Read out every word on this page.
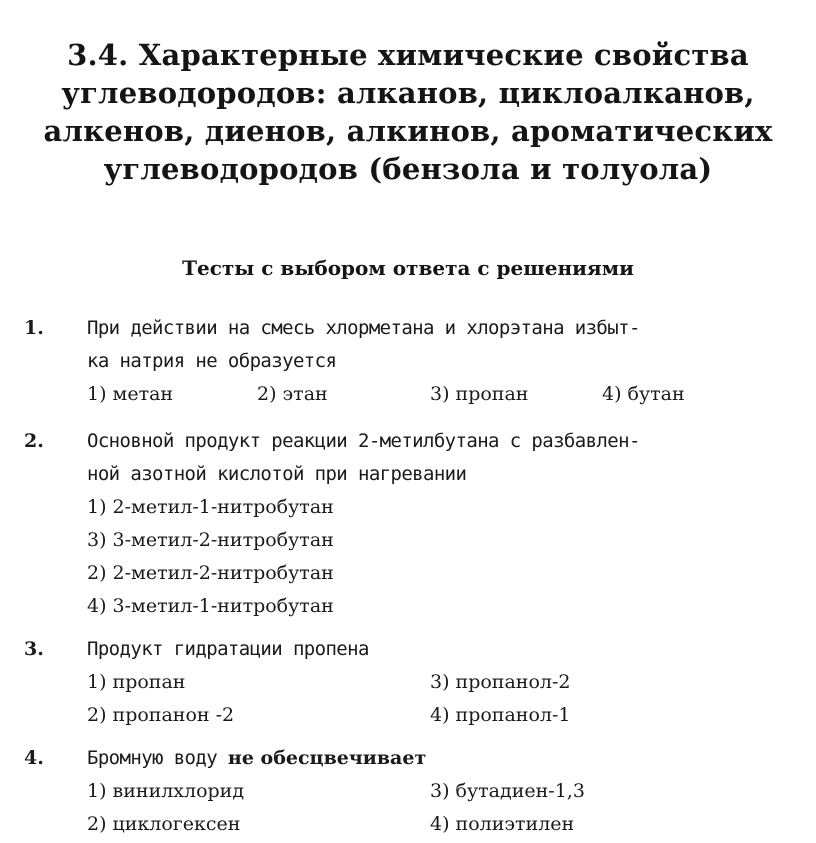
3.4. Характерные химические свойства
углеводородов: алканов, циклоалканов,
алкенов, диенов, алкинов, ароматических
углеводородов (бензола и толуола)
Тесты с выбором ответа с решениями
1. При действии на смесь хлорметана и хлорэтана избыт-
ка натрия не образуется
1) метан	2) этан	3) пропан	4) бутан
2. Основной продукт реакции 2-метилбутана с разбавлен-
ной азотной кислотой при нагревании
1) 2-метил-1-нитробутан
3) 3-метил-2-нитробутан
2) 2-метил-2-нитробутан
4) 3-метил-1-нитробутан
3. Продукт гидратации пропена
1) пропан	3) пропанол-2
2) пропанон -2	4) пропанол-1
4. Бромную воду не обесцвечивает
1) винилхлорид	3) бутадиен-1,3
2) циклогексен	4) полиэтилен
